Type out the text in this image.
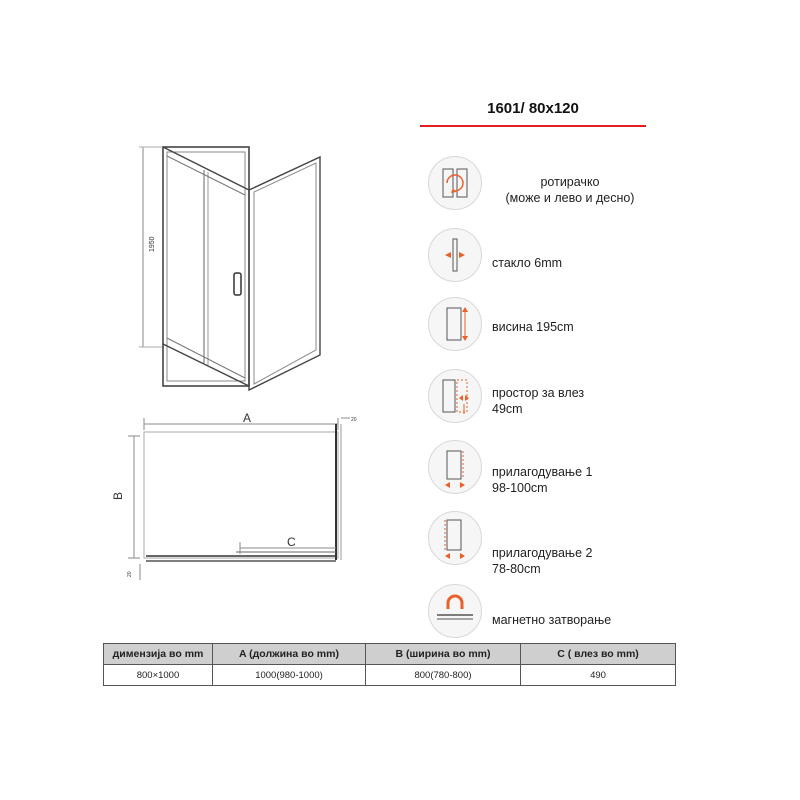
1601/ 80x120
1950
A
B
C
20
20
ротирачко
(може и лево и десно)
стакло 6mm
висина 195cm
простор за влез
49cm
прилагодување 1
98-100cm
прилагодување 2
78-80cm
магнетно затворање
димензија во mm	A (должина во mm)	B (ширина во mm)	C ( влез во mm)
800×1000	1000(980-1000)	800(780-800)	490
